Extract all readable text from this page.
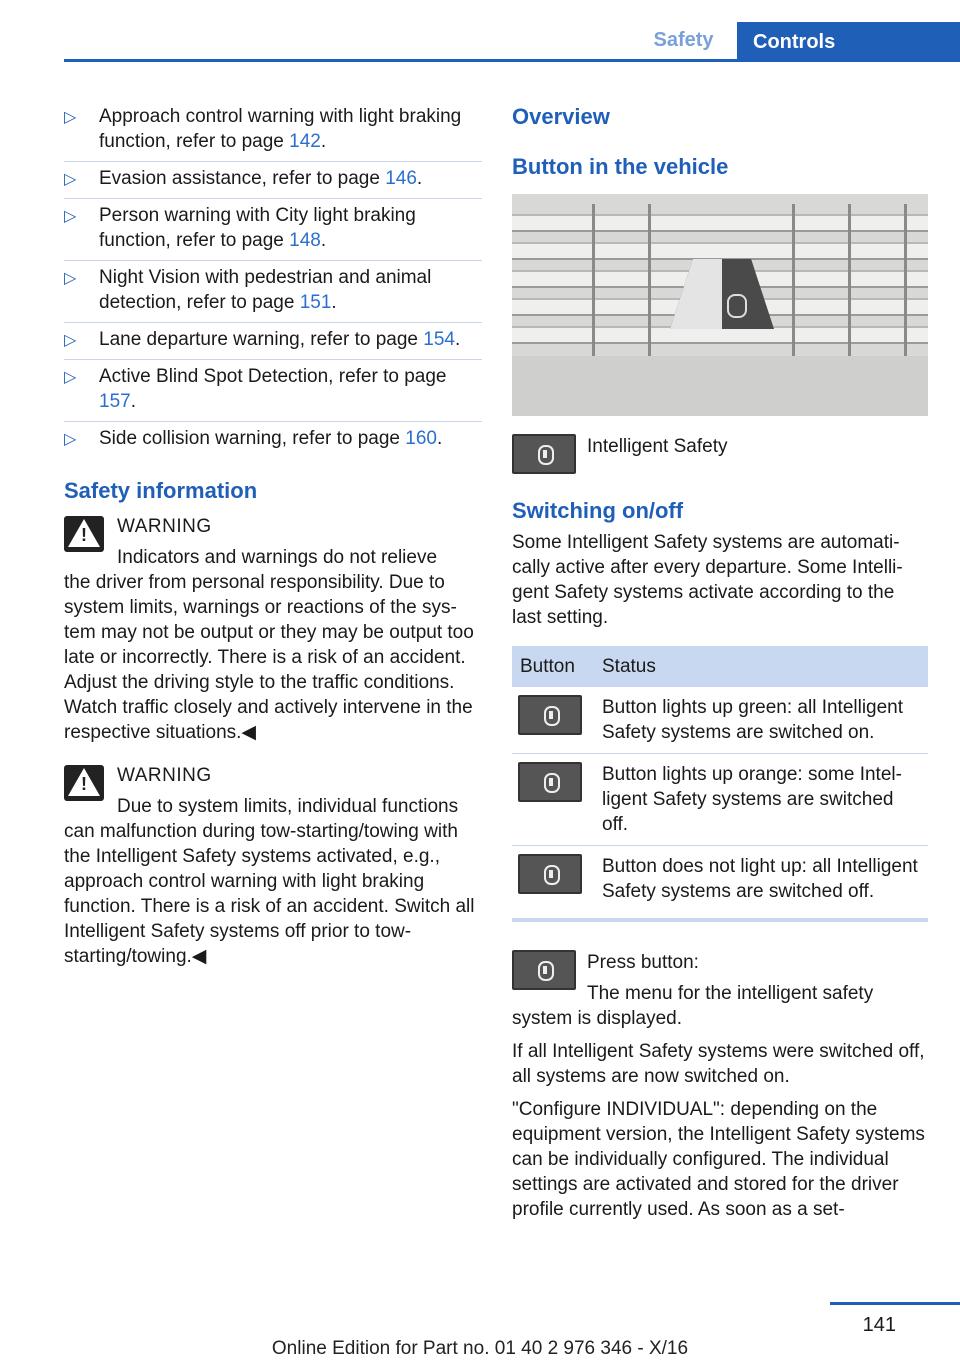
Safety	Controls
▷ Approach control warning with light braking function, refer to page 142.
▷ Evasion assistance, refer to page 146.
▷ Person warning with City light braking function, refer to page 148.
▷ Night Vision with pedestrian and animal detection, refer to page 151.
▷ Lane departure warning, refer to page 154.
▷ Active Blind Spot Detection, refer to page 157.
▷ Side collision warning, refer to page 160.
Safety information
!	WARNING
Indicators and warnings do not relieve
the driver from personal responsibility. Due to system limits, warnings or reactions of the system may not be output or they may be output too late or incorrectly. There is a risk of an accident. Adjust the driving style to the traffic conditions. Watch traffic closely and actively intervene in the respective situations.◀
!	WARNING
Due to system limits, individual functions
can malfunction during tow-starting/towing with the Intelligent Safety systems activated, e.g., approach control warning with light braking function. There is a risk of an accident. Switch all Intelligent Safety systems off prior to tow-starting/towing.◀
Overview
Button in the vehicle
Intelligent Safety
Switching on/off

Some Intelligent Safety systems are automatically active after every departure. Some Intelligent Safety systems activate according to the last setting.

Button	Status

	Button lights up green: all Intelligent Safety systems are switched on.

	Button lights up orange: some Intelligent Safety systems are switched off.

	Button does not light up: all Intelligent Safety systems are switched off.
Press button:
The menu for the intelligent safety

system is displayed.

If all Intelligent Safety systems were switched off, all systems are now switched on.

"Configure INDIVIDUAL": depending on the equipment version, the Intelligent Safety systems can be individually configured. The individual settings are activated and stored for the driver profile currently used. As soon as a set-

141
Online Edition for Part no. 01 40 2 976 346 - X/16
